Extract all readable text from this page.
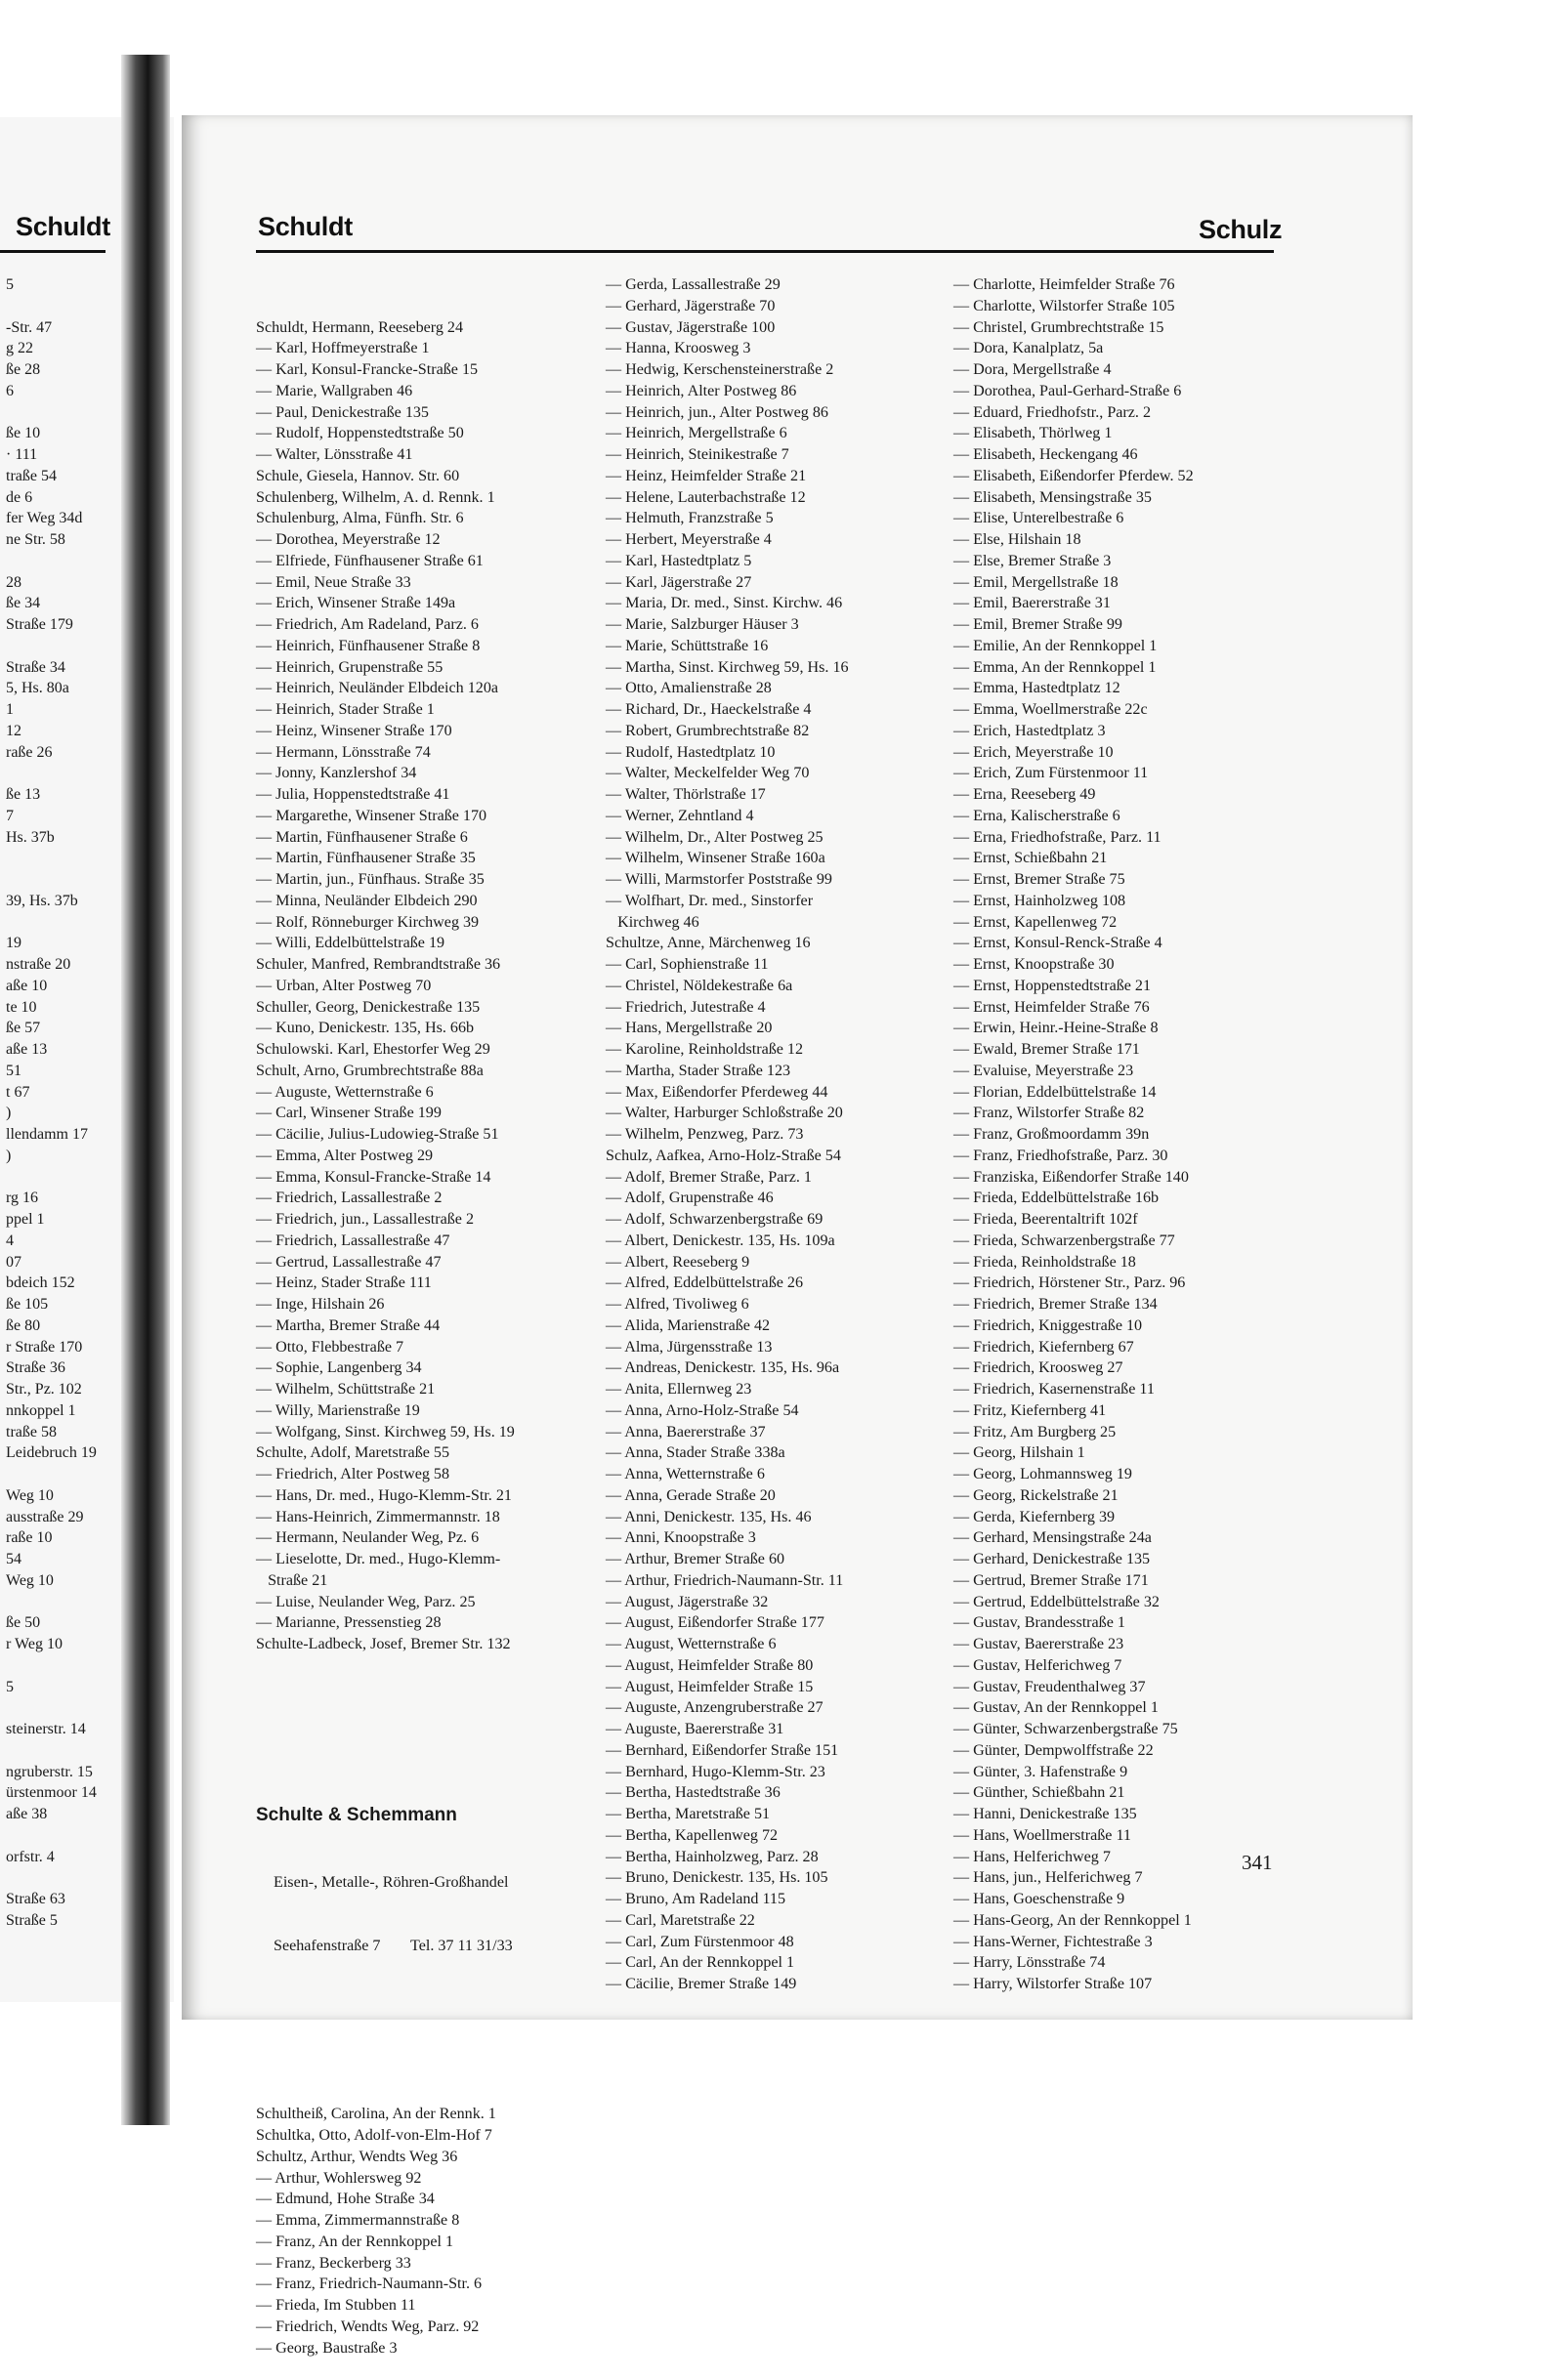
Schuldt
5
-Str. 47
g 22
ße 28
6
ße 10
· 111
traße 54
de 6
fer Weg 34d
ne Str. 58
28
ße 34
Straße 179
Straße 34
5, Hs. 80a
1
12
raße 26
ße 13
7
Hs. 37b
39, Hs. 37b
19
nstraße 20
aße 10
te 10
ße 57
aße 13
51
t 67
)
llendamm 17
)
rg 16
ppel 1
4
07
bdeich 152
ße 105
ße 80
r Straße 170
Straße 36
Str., Pz. 102
nnkoppel 1
traße 58
Leidebruch 19
Weg 10
ausstraße 29
raße 10
54
Weg 10
ße 50
r Weg 10
5
steinerstr. 14
ngruberstr. 15
ürstenmoor 14
aße 38
orfstr. 4
Straße 63
Straße 5
Schuldt	Schulz

Schuldt, Hermann, Reeseberg 24
— Karl, Hoffmeyerstraße 1
— Karl, Konsul-Francke-Straße 15
— Marie, Wallgraben 46
— Paul, Denickestraße 135
— Rudolf, Hoppenstedtstraße 50
— Walter, Lönsstraße 41
Schule, Giesela, Hannov. Str. 60
Schulenberg, Wilhelm, A. d. Rennk. 1
Schulenburg, Alma, Fünfh. Str. 6
— Dorothea, Meyerstraße 12
— Elfriede, Fünfhausener Straße 61
— Emil, Neue Straße 33
— Erich, Winsener Straße 149a
— Friedrich, Am Radeland, Parz. 6
— Heinrich, Fünfhausener Straße 8
— Heinrich, Grupenstraße 55
— Heinrich, Neuländer Elbdeich 120a
— Heinrich, Stader Straße 1
— Heinz, Winsener Straße 170
— Hermann, Lönsstraße 74
— Jonny, Kanzlershof 34
— Julia, Hoppenstedtstraße 41
— Margarethe, Winsener Straße 170
— Martin, Fünfhausener Straße 6
— Martin, Fünfhausener Straße 35
— Martin, jun., Fünfhaus. Straße 35
— Minna, Neuländer Elbdeich 290
— Rolf, Rönneburger Kirchweg 39
— Willi, Eddelbüttelstraße 19
Schuler, Manfred, Rembrandtstraße 36
— Urban, Alter Postweg 70
Schuller, Georg, Denickestraße 135
— Kuno, Denickestr. 135, Hs. 66b
Schulowski. Karl, Ehestorfer Weg 29
Schult, Arno, Grumbrechtstraße 88a
— Auguste, Wetternstraße 6
— Carl, Winsener Straße 199
— Cäcilie, Julius-Ludowieg-Straße 51
— Emma, Alter Postweg 29
— Emma, Konsul-Francke-Straße 14
— Friedrich, Lassallestraße 2
— Friedrich, jun., Lassallestraße 2
— Friedrich, Lassallestraße 47
— Gertrud, Lassallestraße 47
— Heinz, Stader Straße 111
— Inge, Hilshain 26
— Martha, Bremer Straße 44
— Otto, Flebbestraße 7
— Sophie, Langenberg 34
— Wilhelm, Schüttstraße 21
— Willy, Marienstraße 19
— Wolfgang, Sinst. Kirchweg 59, Hs. 19
Schulte, Adolf, Maretstraße 55
— Friedrich, Alter Postweg 58
— Hans, Dr. med., Hugo-Klemm-Str. 21
— Hans-Heinrich, Zimmermannstr. 18
— Hermann, Neulander Weg, Pz. 6
— Lieselotte, Dr. med., Hugo-Klemm-
Straße 21
— Luise, Neulander Weg, Parz. 25
— Marianne, Pressenstieg 28
Schulte-Ladbeck, Josef, Bremer Str. 132

Schulte & Schemmann

Eisen-, Metalle-, Röhren-Großhandel

Seehafenstraße 7 Tel. 37 11 31/33

Schultheiß, Carolina, An der Rennk. 1
Schultka, Otto, Adolf-von-Elm-Hof 7
Schultz, Arthur, Wendts Weg 36
— Arthur, Wohlersweg 92
— Edmund, Hohe Straße 34
— Emma, Zimmermannstraße 8
— Franz, An der Rennkoppel 1
— Franz, Beckerberg 33
— Franz, Friedrich-Naumann-Str. 6
— Frieda, Im Stubben 11
— Friedrich, Wendts Weg, Parz. 92
— Georg, Baustraße 3

— Gerda, Lassallestraße 29
— Gerhard, Jägerstraße 70
— Gustav, Jägerstraße 100
— Hanna, Kroosweg 3
— Hedwig, Kerschensteinerstraße 2
— Heinrich, Alter Postweg 86
— Heinrich, jun., Alter Postweg 86
— Heinrich, Mergellstraße 6
— Heinrich, Steinikestraße 7
— Heinz, Heimfelder Straße 21
— Helene, Lauterbachstraße 12
— Helmuth, Franzstraße 5
— Herbert, Meyerstraße 4
— Karl, Hastedtplatz 5
— Karl, Jägerstraße 27
— Maria, Dr. med., Sinst. Kirchw. 46
— Marie, Salzburger Häuser 3
— Marie, Schüttstraße 16
— Martha, Sinst. Kirchweg 59, Hs. 16
— Otto, Amalienstraße 28
— Richard, Dr., Haeckelstraße 4
— Robert, Grumbrechtstraße 82
— Rudolf, Hastedtplatz 10
— Walter, Meckelfelder Weg 70
— Walter, Thörlstraße 17
— Werner, Zehntland 4
— Wilhelm, Dr., Alter Postweg 25
— Wilhelm, Winsener Straße 160a
— Willi, Marmstorfer Poststraße 99
— Wolfhart, Dr. med., Sinstorfer
Kirchweg 46
Schultze, Anne, Märchenweg 16
— Carl, Sophienstraße 11
— Christel, Nöldekestraße 6a
— Friedrich, Jutestraße 4
— Hans, Mergellstraße 20
— Karoline, Reinholdstraße 12
— Martha, Stader Straße 123
— Max, Eißendorfer Pferdeweg 44
— Walter, Harburger Schloßstraße 20
— Wilhelm, Penzweg, Parz. 73
Schulz, Aafkea, Arno-Holz-Straße 54
— Adolf, Bremer Straße, Parz. 1
— Adolf, Grupenstraße 46
— Adolf, Schwarzenbergstraße 69
— Albert, Denickestr. 135, Hs. 109a
— Albert, Reeseberg 9
— Alfred, Eddelbüttelstraße 26
— Alfred, Tivoliweg 6
— Alida, Marienstraße 42
— Alma, Jürgensstraße 13
— Andreas, Denickestr. 135, Hs. 96a
— Anita, Ellernweg 23
— Anna, Arno-Holz-Straße 54
— Anna, Baererstraße 37
— Anna, Stader Straße 338a
— Anna, Wetternstraße 6
— Anna, Gerade Straße 20
— Anni, Denickestr. 135, Hs. 46
— Anni, Knoopstraße 3
— Arthur, Bremer Straße 60
— Arthur, Friedrich-Naumann-Str. 11
— August, Jägerstraße 32
— August, Eißendorfer Straße 177
— August, Wetternstraße 6
— August, Heimfelder Straße 80
— August, Heimfelder Straße 15
— Auguste, Anzengruberstraße 27
— Auguste, Baererstraße 31
— Bernhard, Eißendorfer Straße 151
— Bernhard, Hugo-Klemm-Str. 23
— Bertha, Hastedtstraße 36
— Bertha, Maretstraße 51
— Bertha, Kapellenweg 72
— Bertha, Hainholzweg, Parz. 28
— Bruno, Denickestr. 135, Hs. 105
— Bruno, Am Radeland 115
— Carl, Maretstraße 22
— Carl, Zum Fürstenmoor 48
— Carl, An der Rennkoppel 1
— Cäcilie, Bremer Straße 149
— Charlotte, Heimfelder Straße 76
— Charlotte, Wilstorfer Straße 105
— Christel, Grumbrechtstraße 15
— Dora, Kanalplatz, 5a
— Dora, Mergellstraße 4
— Dorothea, Paul-Gerhard-Straße 6
— Eduard, Friedhofstr., Parz. 2
— Elisabeth, Thörlweg 1
— Elisabeth, Heckengang 46
— Elisabeth, Eißendorfer Pferdew. 52
— Elisabeth, Mensingstraße 35
— Elise, Unterelbestraße 6
— Else, Hilshain 18
— Else, Bremer Straße 3
— Emil, Mergellstraße 18
— Emil, Baererstraße 31
— Emil, Bremer Straße 99
— Emilie, An der Rennkoppel 1
— Emma, An der Rennkoppel 1
— Emma, Hastedtplatz 12
— Emma, Woellmerstraße 22c
— Erich, Hastedtplatz 3
— Erich, Meyerstraße 10
— Erich, Zum Fürstenmoor 11
— Erna, Reeseberg 49
— Erna, Kalischerstraße 6
— Erna, Friedhofstraße, Parz. 11
— Ernst, Schießbahn 21
— Ernst, Bremer Straße 75
— Ernst, Hainholzweg 108
— Ernst, Kapellenweg 72
— Ernst, Konsul-Renck-Straße 4
— Ernst, Knoopstraße 30
— Ernst, Hoppenstedtstraße 21
— Ernst, Heimfelder Straße 76
— Erwin, Heinr.-Heine-Straße 8
— Ewald, Bremer Straße 171
— Evaluise, Meyerstraße 23
— Florian, Eddelbüttelstraße 14
— Franz, Wilstorfer Straße 82
— Franz, Großmoordamm 39n
— Franz, Friedhofstraße, Parz. 30
— Franziska, Eißendorfer Straße 140
— Frieda, Eddelbüttelstraße 16b
— Frieda, Beerentaltrift 102f
— Frieda, Schwarzenbergstraße 77
— Frieda, Reinholdstraße 18
— Friedrich, Hörstener Str., Parz. 96
— Friedrich, Bremer Straße 134
— Friedrich, Kniggestraße 10
— Friedrich, Kiefernberg 67
— Friedrich, Kroosweg 27
— Friedrich, Kasernenstraße 11
— Fritz, Kiefernberg 41
— Fritz, Am Burgberg 25
— Georg, Hilshain 1
— Georg, Lohmannsweg 19
— Georg, Rickelstraße 21
— Gerda, Kiefernberg 39
— Gerhard, Mensingstraße 24a
— Gerhard, Denickestraße 135
— Gertrud, Bremer Straße 171
— Gertrud, Eddelbüttelstraße 32
— Gustav, Brandesstraße 1
— Gustav, Baererstraße 23
— Gustav, Helferichweg 7
— Gustav, Freudenthalweg 37
— Gustav, An der Rennkoppel 1
— Günter, Schwarzenbergstraße 75
— Günter, Dempwolffstraße 22
— Günter, 3. Hafenstraße 9
— Günther, Schießbahn 21
— Hanni, Denickestraße 135
— Hans, Woellmerstraße 11
— Hans, Helferichweg 7
— Hans, jun., Helferichweg 7
— Hans, Goeschenstraße 9
— Hans-Georg, An der Rennkoppel 1
— Hans-Werner, Fichtestraße 3
— Harry, Lönsstraße 74
— Harry, Wilstorfer Straße 107
341
